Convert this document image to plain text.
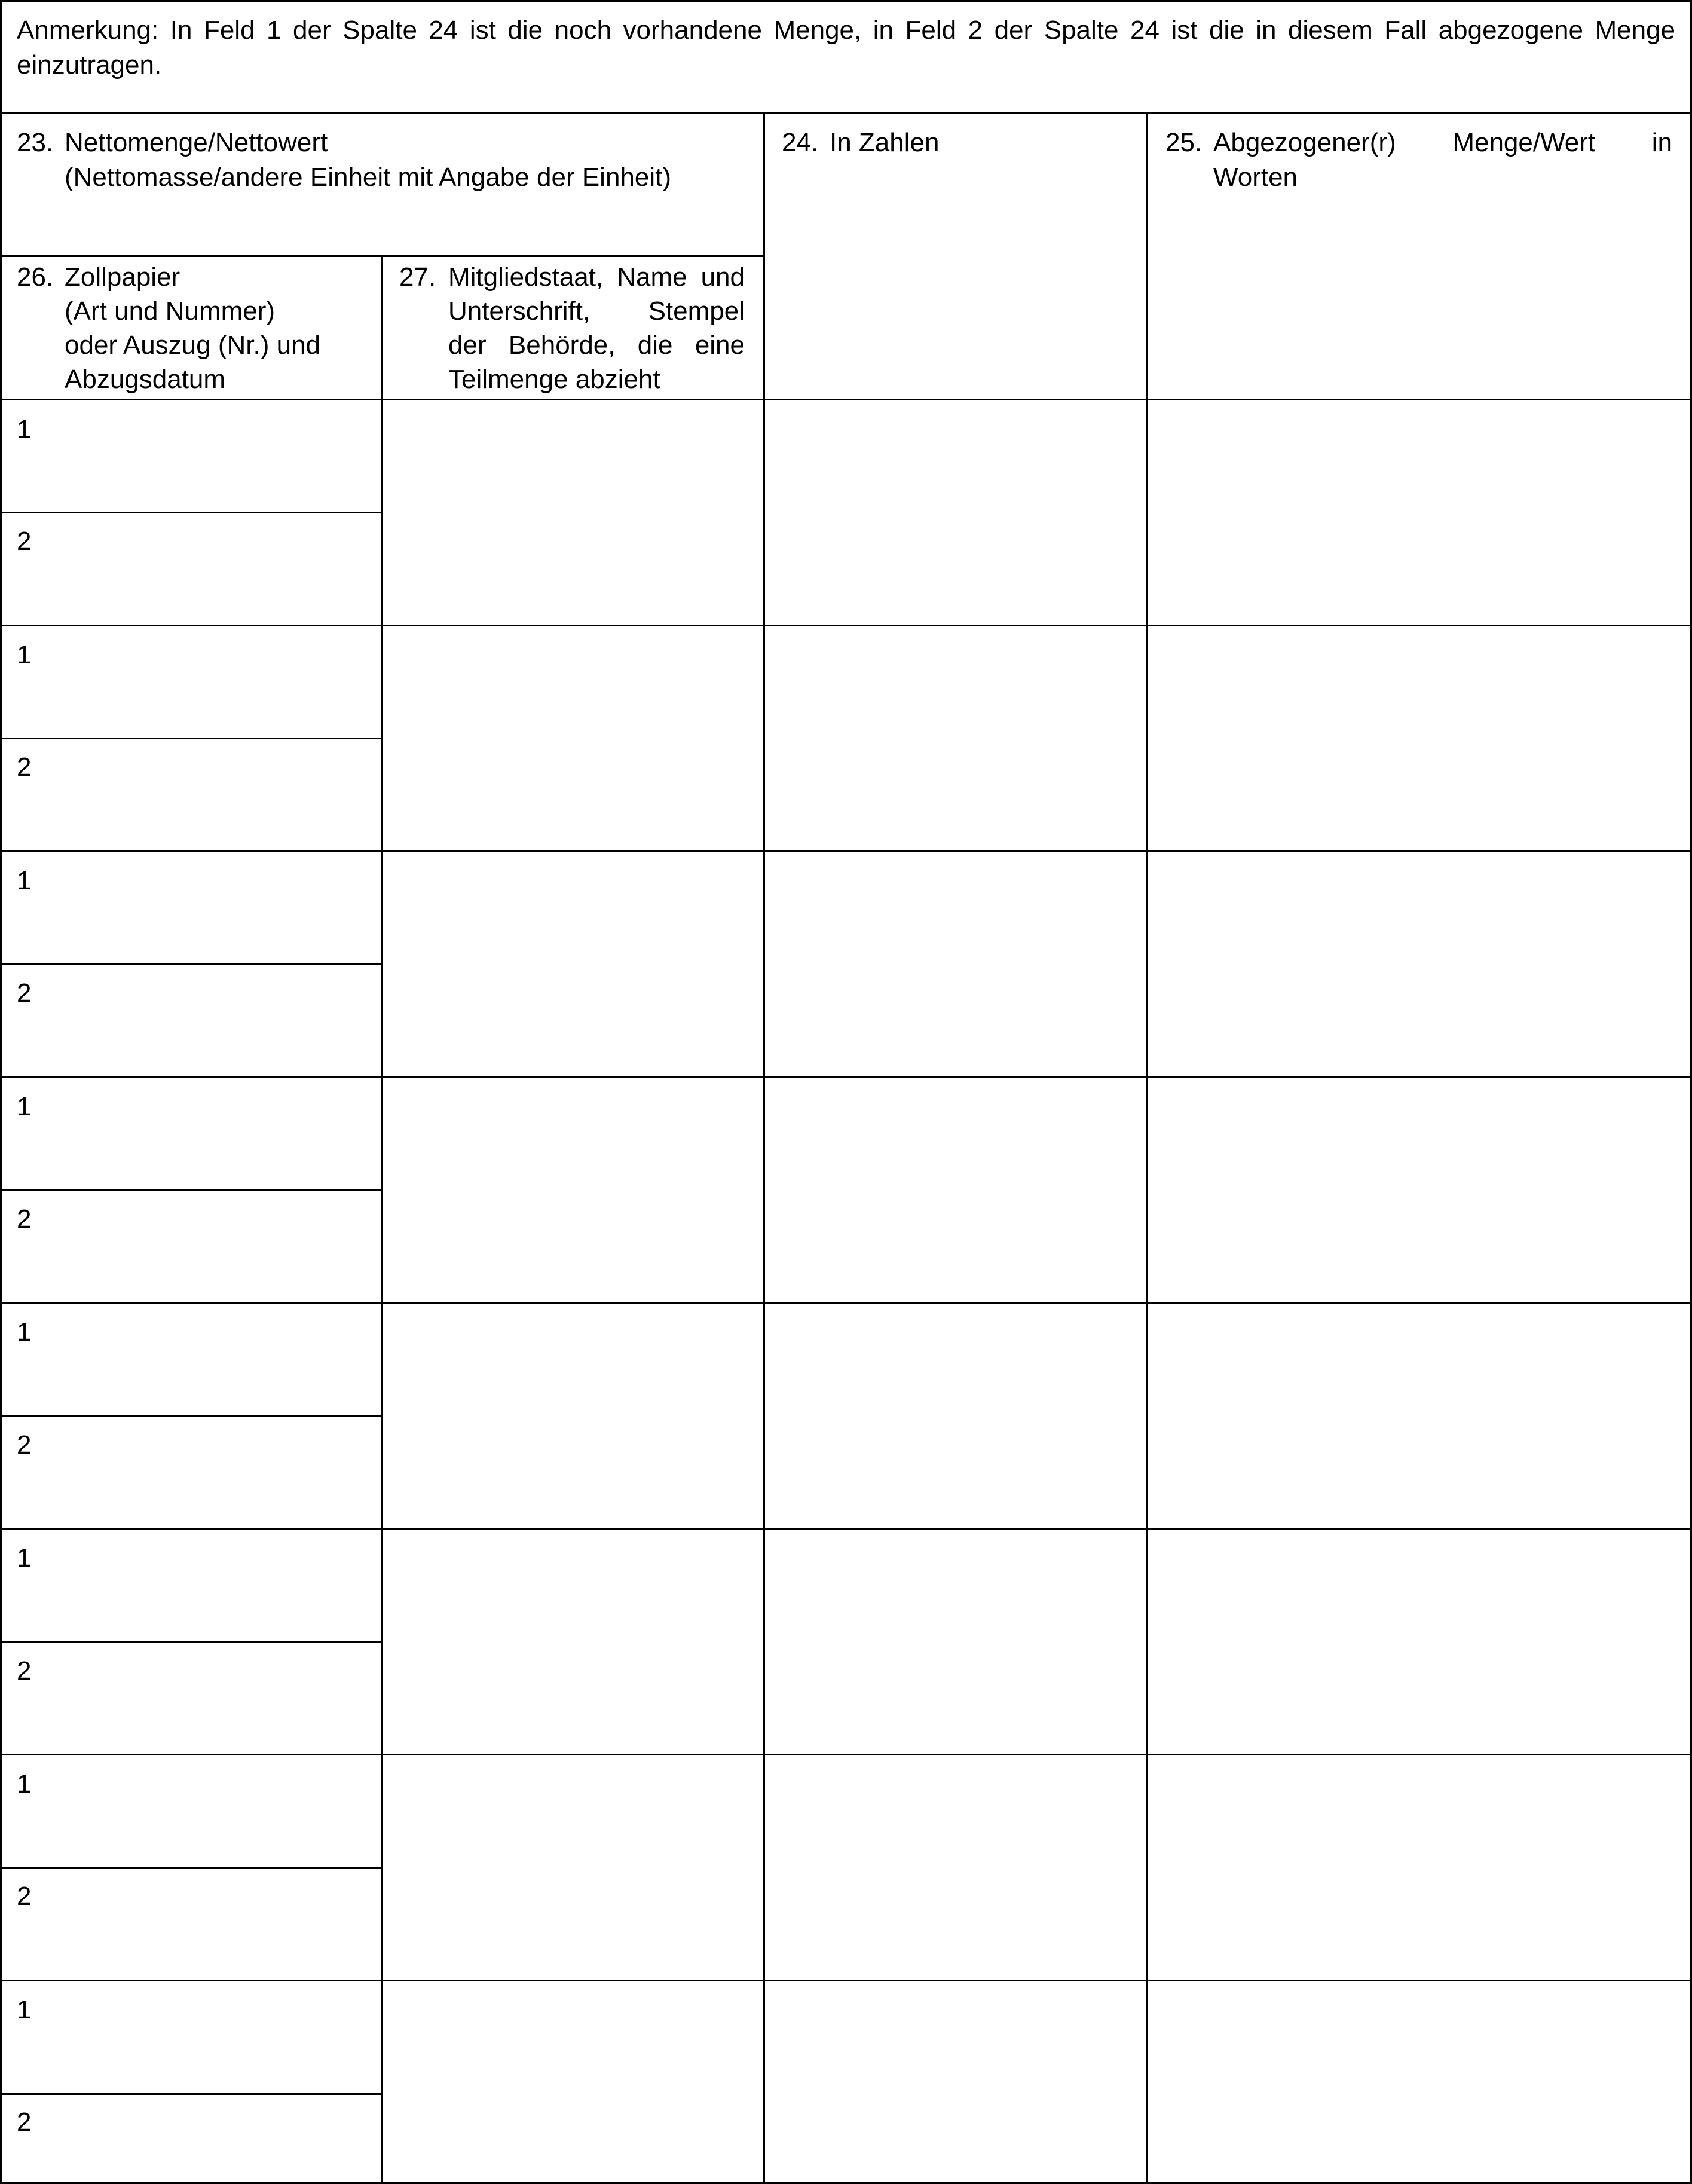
Anmerkung: In Feld 1 der Spalte 24 ist die noch vorhandene Menge, in Feld 2 der Spalte 24 ist die in diesem Fall abgezogene Menge einzutragen.
23. Nettomenge/Nettowert
(Nettomasse/andere Einheit mit Angabe der Einheit)
24. In Zahlen	25. Abgezogener(r) Menge/Wert in
Worten
26. Zollpapier
(Art und Nummer)
oder Auszug (Nr.) und
Abzugsdatum
27. Mitgliedstaat, Name und
Unterschrift, Stempel
der Behörde, die eine
Teilmenge abzieht
1
2
1
2
1
2
1
2
1
2
1
2
1
2
1
2
